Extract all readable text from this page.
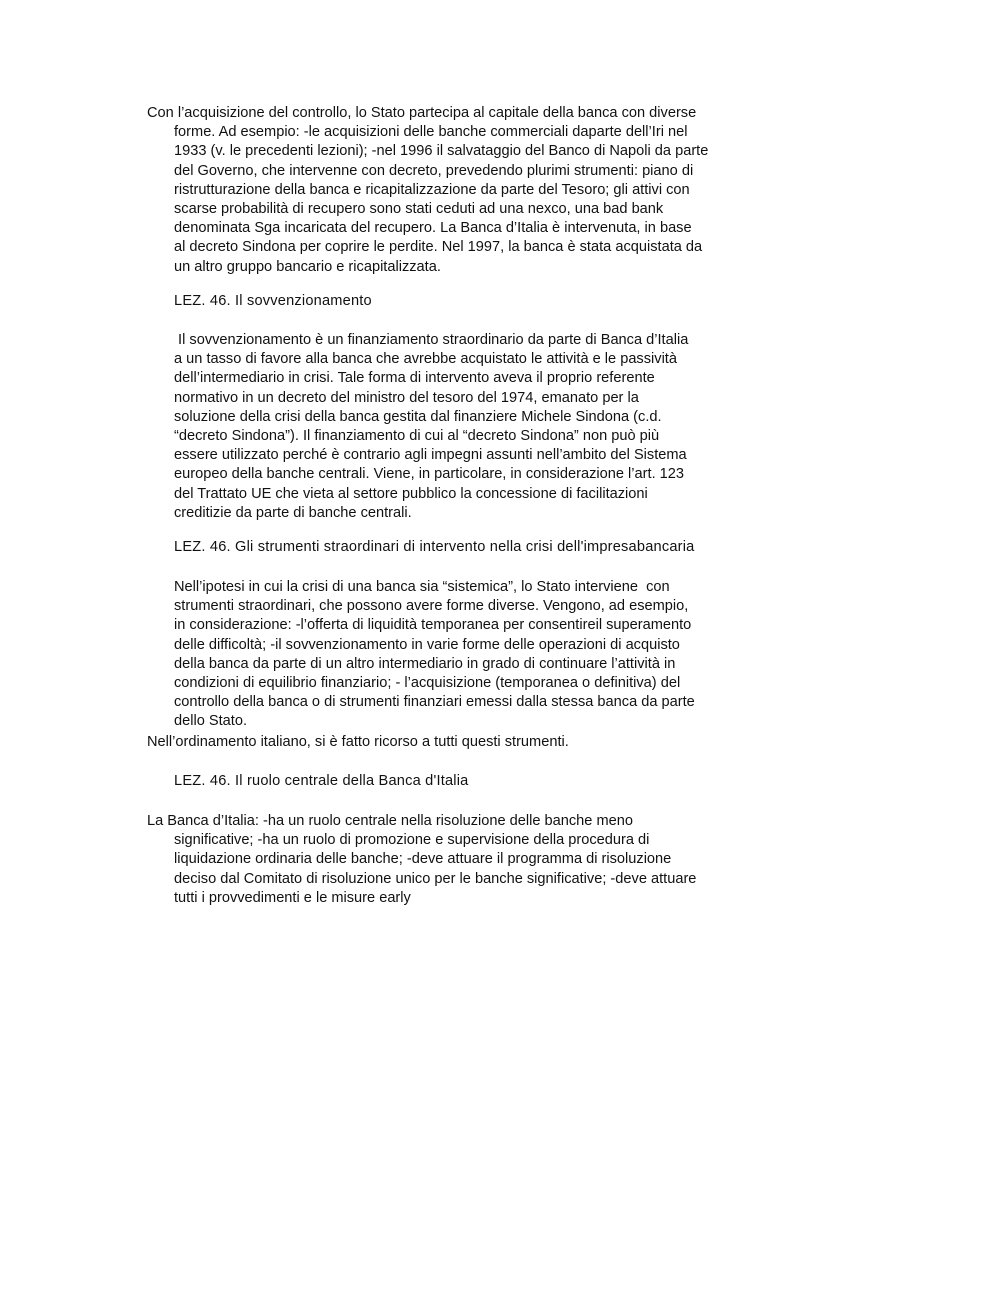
Con l’acquisizione del controllo, lo Stato partecipa al capitale della banca con diverse
forme. Ad esempio: -le acquisizioni delle banche commerciali daparte dell’Iri nel
1933 (v. le precedenti lezioni); -nel 1996 il salvataggio del Banco di Napoli da parte
del Governo, che intervenne con decreto, prevedendo plurimi strumenti: piano di
ristrutturazione della banca e ricapitalizzazione da parte del Tesoro; gli attivi con
scarse probabilità di recupero sono stati ceduti ad una nexco, una bad bank
denominata Sga incaricata del recupero. La Banca d’Italia è intervenuta, in base
al decreto Sindona per coprire le perdite. Nel 1997, la banca è stata acquistata da
un altro gruppo bancario e ricapitalizzata.

LEZ. 46. Il sovvenzionamento

Il sovvenzionamento è un finanziamento straordinario da parte di Banca d’Italia
a un tasso di favore alla banca che avrebbe acquistato le attività e le passività
dell’intermediario in crisi. Tale forma di intervento aveva il proprio referente
normativo in un decreto del ministro del tesoro del 1974, emanato per la
soluzione della crisi della banca gestita dal finanziere Michele Sindona (c.d.
“decreto Sindona”). Il finanziamento di cui al “decreto Sindona” non può più
essere utilizzato perché è contrario agli impegni assunti nell’ambito del Sistema
europeo della banche centrali. Viene, in particolare, in considerazione l’art. 123
del Trattato UE che vieta al settore pubblico la concessione di facilitazioni
creditizie da parte di banche centrali.

LEZ. 46. Gli strumenti straordinari di intervento nella crisi dell'impresabancaria

Nell’ipotesi in cui la crisi di una banca sia “sistemica”, lo Stato interviene  con
strumenti straordinari, che possono avere forme diverse. Vengono, ad esempio,
in considerazione: -l’offerta di liquidità temporanea per consentireil superamento
delle difficoltà; -il sovvenzionamento in varie forme delle operazioni di acquisto
della banca da parte di un altro intermediario in grado di continuare l’attività in
condizioni di equilibrio finanziario; - l’acquisizione (temporanea o definitiva) del
controllo della banca o di strumenti finanziari emessi dalla stessa banca da parte
dello Stato.

Nell’ordinamento italiano, si è fatto ricorso a tutti questi strumenti.

LEZ. 46. Il ruolo centrale della Banca d'Italia

La Banca d’Italia: -ha un ruolo centrale nella risoluzione delle banche meno
significative; -ha un ruolo di promozione e supervisione della procedura di
liquidazione ordinaria delle banche; -deve attuare il programma di risoluzione
deciso dal Comitato di risoluzione unico per le banche significative; -deve attuare
tutti i provvedimenti e le misure early
